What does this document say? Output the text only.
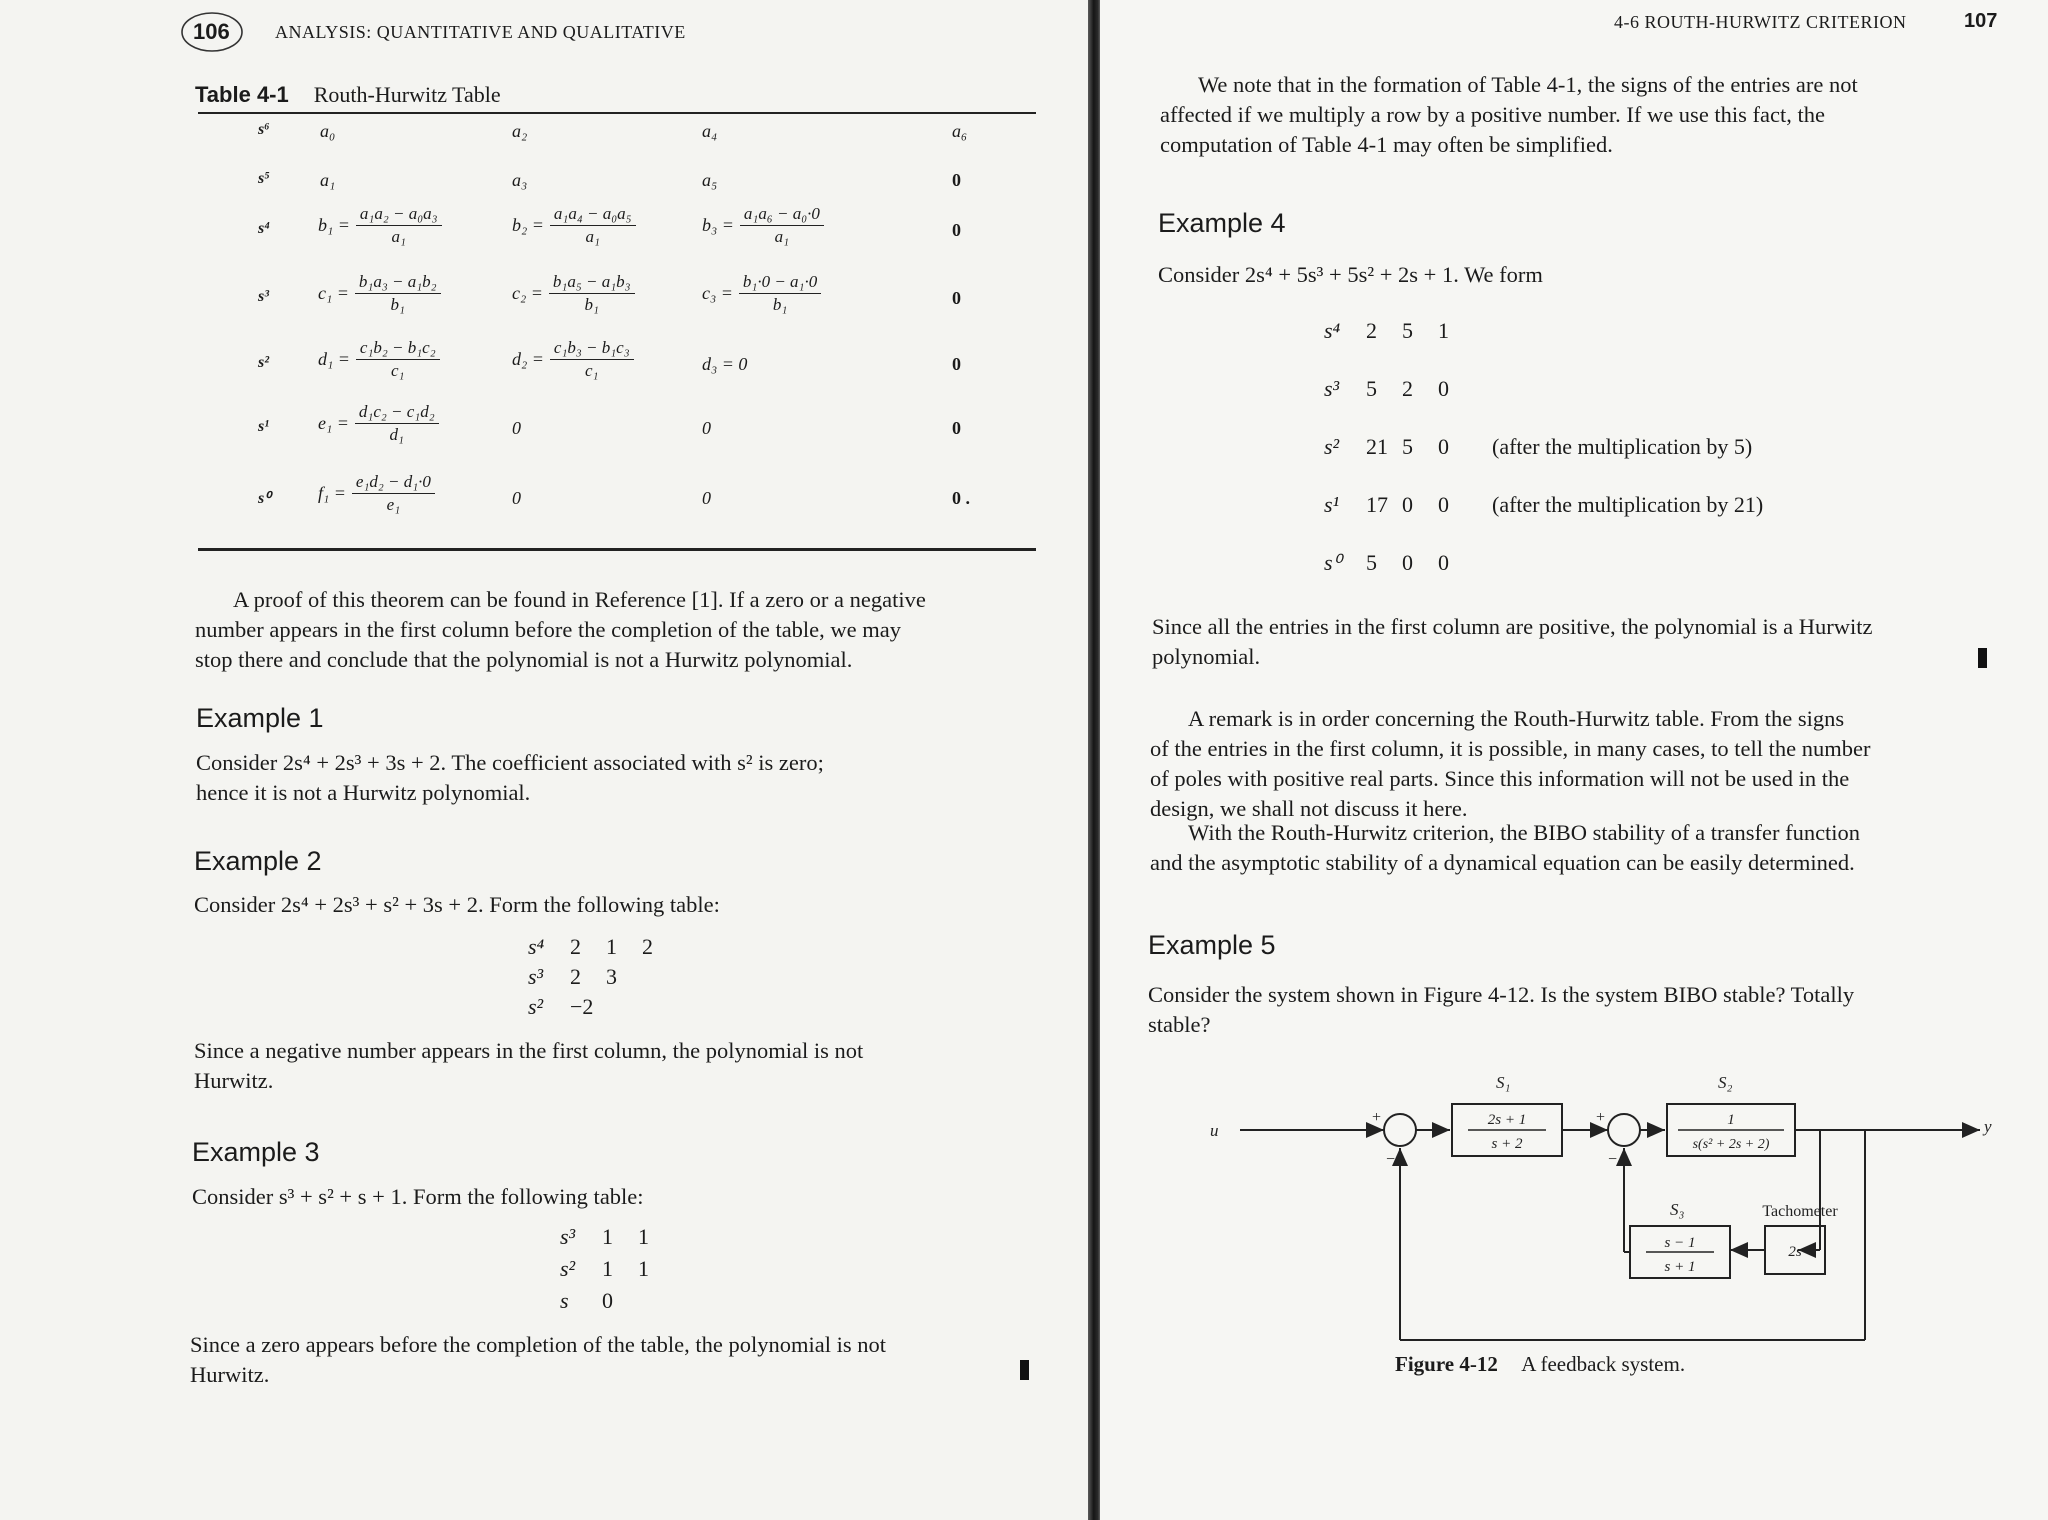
106	ANALYSIS: QUANTITATIVE AND QUALITATIVE
Table 4-1 Routh-Hurwitz Table
s⁶	a₀	a₂	a₄	a₆
s⁵	a₁	a₃	a₅	0
s⁴	$b_1 = \frac{\text{a₁a₂ − a₀a₃}}{\text{a₁}}$	$b_2 = \frac{\text{a₁a₄ − a₀a₅}}{\text{a₁}}$	$b_3 = \frac{\text{a₁a₆ − a₀·0}}{\text{a₁}}$	0
s³	$c_1 = \frac{\text{b₁a₃ − a₁b₂}}{\text{b₁}}$	$c_2 = \frac{\text{b₁a₅ − a₁b₃}}{\text{b₁}}$	$c_3 = \frac{\text{b₁·0 − a₁·0}}{\text{b₁}}$	0
s²	$d_1 = \frac{\text{c₁b₂ − b₁c₂}}{\text{c₁}}$	$d_2 = \frac{\text{c₁b₃ − b₁c₃}}{\text{c₁}}$	d₃ = 0	0
s¹	$e_1 = \frac{\text{d₁c₂ − c₁d₂}}{\text{d₁}}$	0	0	0
s⁰	$f_1 = \frac{\text{e₁d₂ − d₁·0}}{\text{e₁}}$	0	0	0 .
A proof of this theorem can be found in Reference [1]. If a zero or a negative
number appears in the first column before the completion of the table, we may
stop there and conclude that the polynomial is not a Hurwitz polynomial.
Example 1
Consider 2s⁴ + 2s³ + 3s + 2. The coefficient associated with s² is zero;
hence it is not a Hurwitz polynomial.
Example 2
Consider 2s⁴ + 2s³ + s² + 3s + 2. Form the following table:
s⁴ 2 1 2
s³ 2 3
s² −2
Since a negative number appears in the first column, the polynomial is not
Hurwitz.
Example 3
Consider s³ + s² + s + 1. Form the following table:
s³ 1 1
s² 1 1
s 0
Since a zero appears before the completion of the table, the polynomial is not
Hurwitz.
4-6 ROUTH-HURWITZ CRITERION	107
We note that in the formation of Table 4-1, the signs of the entries are not
affected if we multiply a row by a positive number. If we use this fact, the
computation of Table 4-1 may often be simplified.
Example 4
Consider 2s⁴ + 5s³ + 5s² + 2s + 1. We form
s⁴ 2 5 1
s³ 5 2 0
s² 21 5 0 (after the multiplication by 5)
s¹ 17 0 0 (after the multiplication by 21)
s⁰ 5 0 0
Since all the entries in the first column are positive, the polynomial is a Hurwitz
polynomial.
A remark is in order concerning the Routh-Hurwitz table. From the signs
of the entries in the first column, it is possible, in many cases, to tell the number
of poles with positive real parts. Since this information will not be used in the
design, we shall not discuss it here.
With the Routh-Hurwitz criterion, the BIBO stability of a transfer function
and the asymptotic stability of a dynamical equation can be easily determined.
Example 5
Consider the system shown in Figure 4-12. Is the system BIBO stable? Totally
stable?
u	y
S₁	S₂
S₃
2s + 1
s + 2
1
s(s² + 2s + 2)
s − 1
s + 1
2s
Tachometer
+
−
+
−
Figure 4-12 A feedback system.
